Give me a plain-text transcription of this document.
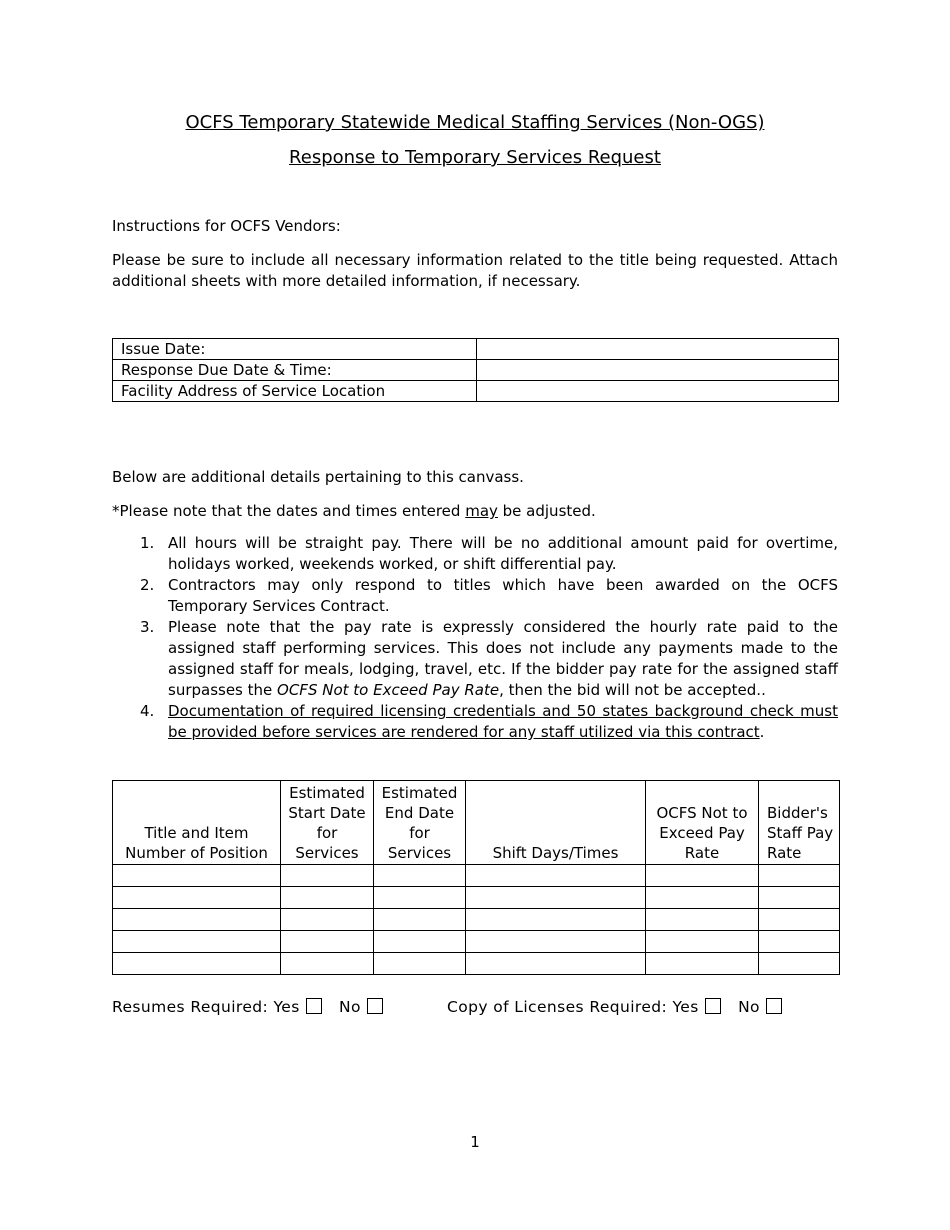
OCFS Temporary Statewide Medical Staffing Services (Non-OGS)
Response to Temporary Services Request
Instructions for OCFS Vendors:
Please be sure to include all necessary information related to the title being requested. Attach additional sheets with more detailed information, if necessary.
Issue Date:	
Response Due Date & Time:	
Facility Address of Service Location	
Below are additional details pertaining to this canvass.
*Please note that the dates and times entered may be adjusted.
1. All hours will be straight pay. There will be no additional amount paid for overtime, holidays worked, weekends worked, or shift differential pay.
2. Contractors may only respond to titles which have been awarded on the OCFS Temporary Services Contract.
3. Please note that the pay rate is expressly considered the hourly rate paid to the assigned staff performing services. This does not include any payments made to the assigned staff for meals, lodging, travel, etc. If the bidder pay rate for the assigned staff surpasses the OCFS Not to Exceed Pay Rate, then the bid will not be accepted..
4. Documentation of required licensing credentials and 50 states background check must be provided before services are rendered for any staff utilized via this contract.
Title and Item Number of Position	Estimated Start Date for Services	Estimated End Date for Services	Shift Days/Times	OCFS Not to Exceed Pay Rate	Bidder's Staff Pay Rate

Resumes Required: Yes	No	Copy of Licenses Required: Yes	No
1
